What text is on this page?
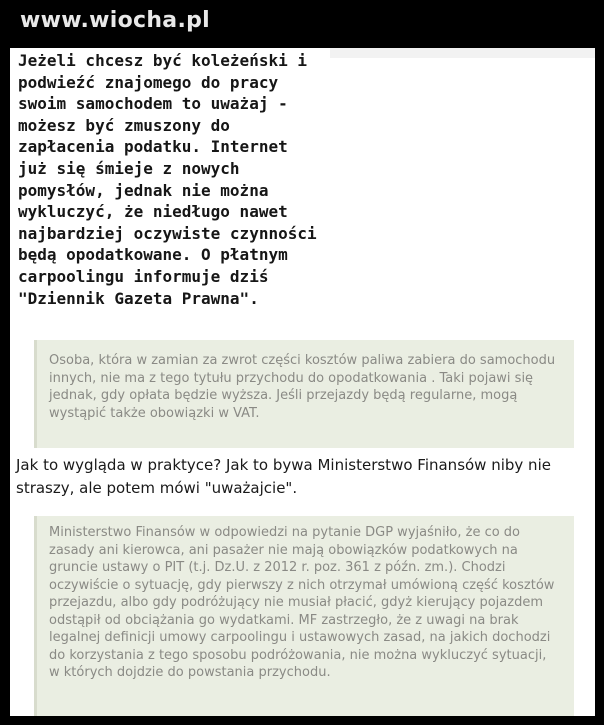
www.wiocha.pl

Jeżeli chcesz być koleżeński i podwieźć znajomego do pracy swoim samochodem to uważaj - możesz być zmuszony do zapłacenia podatku. Internet już się śmieje z nowych pomysłów, jednak nie można wykluczyć, że niedługo nawet najbardziej oczywiste czynności będą opodatkowane. O płatnym carpoolingu informuje dziś "Dziennik Gazeta Prawna".

Osoba, która w zamian za zwrot części kosztów paliwa zabiera do samochodu innych, nie ma z tego tytułu przychodu do opodatkowania . Taki pojawi się jednak, gdy opłata będzie wyższa. Jeśli przejazdy będą regularne, mogą wystąpić także obowiązki w VAT.

Jak to wygląda w praktyce? Jak to bywa Ministerstwo Finansów niby nie straszy, ale potem mówi "uważajcie".

Ministerstwo Finansów w odpowiedzi na pytanie DGP wyjaśniło, że co do zasady ani kierowca, ani pasażer nie mają obowiązków podatkowych na gruncie ustawy o PIT (t.j. Dz.U. z 2012 r. poz. 361 z późn. zm.). Chodzi oczywiście o sytuację, gdy pierwszy z nich otrzymał umówioną część kosztów przejazdu, albo gdy podróżujący nie musiał płacić, gdyż kierujący pojazdem odstąpił od obciążania go wydatkami. MF zastrzegło, że z uwagi na brak legalnej definicji umowy carpoolingu i ustawowych zasad, na jakich dochodzi do korzystania z tego sposobu podróżowania, nie można wykluczyć sytuacji, w których dojdzie do powstania przychodu.
